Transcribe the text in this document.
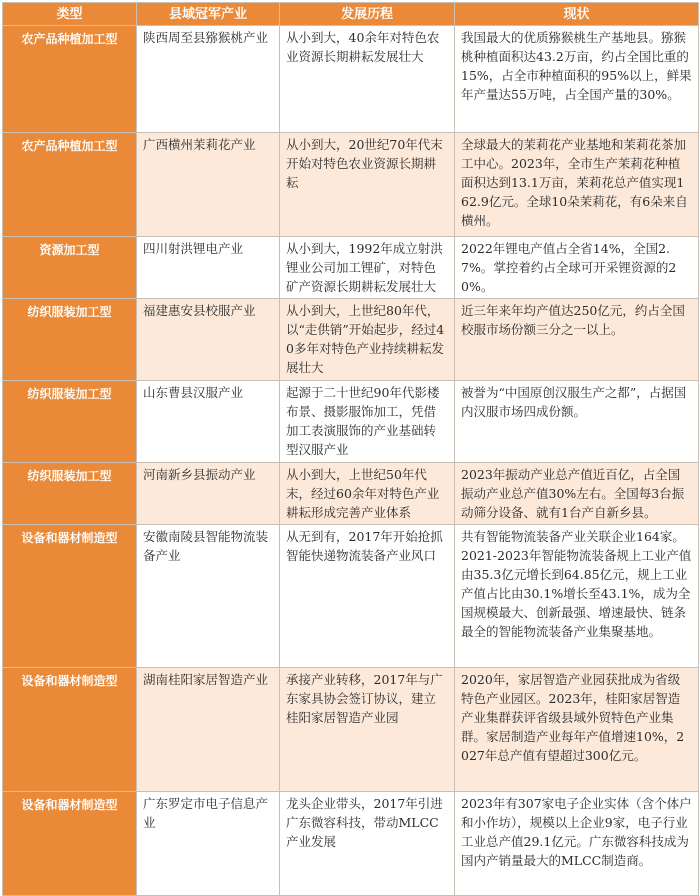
类型	县域冠军产业	发展历程	现状
农产品种植加工型	陕西周至县猕猴桃产业	从小到大，40余年对特色农业资源长期耕耘发展壮大	我国最大的优质猕猴桃生产基地县。猕猴桃种植面积达43.2万亩，约占全国比重的15%，占全市种植面积的95%以上，鲜果年产量达55万吨，占全国产量的30%。
农产品种植加工型	广西横州茉莉花产业	从小到大，20世纪70年代末开始对特色农业资源长期耕耘	全球最大的茉莉花产业基地和茉莉花茶加工中心。2023年，全市生产茉莉花种植面积达到13.1万亩，茉莉花总产值实现162.9亿元。全球10朵茉莉花，有6朵来自横州。
资源加工型	四川射洪锂电产业	从小到大，1992年成立射洪锂业公司加工锂矿，对特色矿产资源长期耕耘发展壮大	2022年锂电产值占全省14%，全国2.7%。掌控着约占全球可开采锂资源的20%。
纺织服装加工型	福建惠安县校服产业	从小到大，上世纪80年代，以“走供销”开始起步，经过40多年对特色产业持续耕耘发展壮大	近三年来年均产值达250亿元，约占全国校服市场份额三分之一以上。
纺织服装加工型	山东曹县汉服产业	起源于二十世纪90年代影楼布景、摄影服饰加工，凭借加工表演服饰的产业基础转型汉服产业	被誉为“中国原创汉服生产之都”，占据国内汉服市场四成份额。
纺织服装加工型	河南新乡县振动产业	从小到大，上世纪50年代末，经过60余年对特色产业耕耘形成完善产业体系	2023年振动产业总产值近百亿，占全国振动产业总产值30%左右。全国每3台振动筛分设备、就有1台产自新乡县。
设备和器材制造型	安徽南陵县智能物流装备产业	从无到有，2017年开始抢抓智能快递物流装备产业风口	共有智能物流装备产业关联企业164家。2021-2023年智能物流装备规上工业产值由35.3亿元增长到64.85亿元，规上工业产值占比由30.1%增长至43.1%，成为全国规模最大、创新最强、增速最快、链条最全的智能物流装备产业集聚基地。
设备和器材制造型	湖南桂阳家居智造产业	承接产业转移，2017年与广东家具协会签订协议，建立桂阳家居智造产业园	2020年，家居智造产业园获批成为省级特色产业园区。2023年，桂阳家居智造产业集群获评省级县域外贸特色产业集群。家居制造产业每年产值增速10%，2027年总产值有望超过300亿元。
设备和器材制造型	广东罗定市电子信息产业	龙头企业带头，2017年引进广东微容科技，带动MLCC产业发展	2023年有307家电子企业实体（含个体户和小作坊），规模以上企业9家，电子行业工业总产值29.1亿元。广东微容科技成为国内产销量最大的MLCC制造商。
